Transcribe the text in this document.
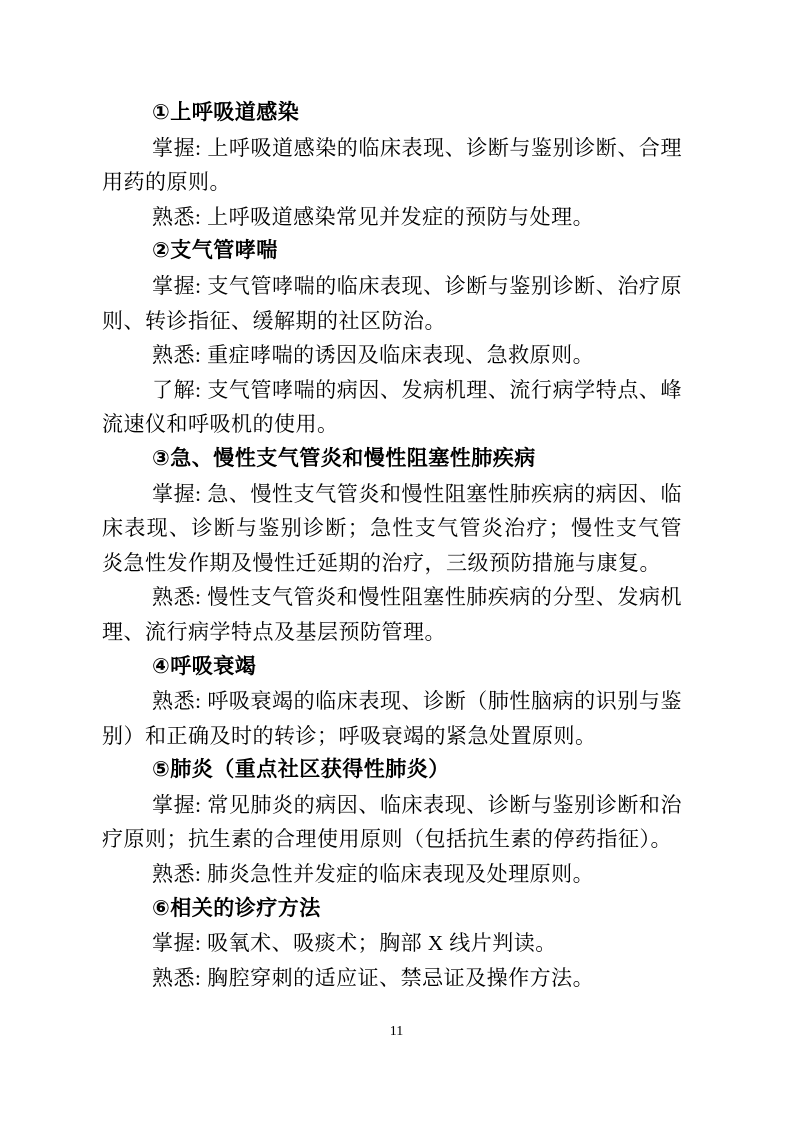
①上呼吸道感染

掌握: 上呼吸道感染的临床表现、诊断与鉴别诊断、合理用药的原则。

熟悉: 上呼吸道感染常见并发症的预防与处理。

②支气管哮喘

掌握: 支气管哮喘的临床表现、诊断与鉴别诊断、治疗原则、转诊指征、缓解期的社区防治。

熟悉: 重症哮喘的诱因及临床表现、急救原则。

了解: 支气管哮喘的病因、发病机理、流行病学特点、峰流速仪和呼吸机的使用。

③急、慢性支气管炎和慢性阻塞性肺疾病

掌握: 急、慢性支气管炎和慢性阻塞性肺疾病的病因、临床表现、诊断与鉴别诊断；急性支气管炎治疗；慢性支气管炎急性发作期及慢性迁延期的治疗，三级预防措施与康复。

熟悉: 慢性支气管炎和慢性阻塞性肺疾病的分型、发病机理、流行病学特点及基层预防管理。

④呼吸衰竭

熟悉: 呼吸衰竭的临床表现、诊断（肺性脑病的识别与鉴别）和正确及时的转诊；呼吸衰竭的紧急处置原则。

⑤肺炎（重点社区获得性肺炎）

掌握: 常见肺炎的病因、临床表现、诊断与鉴别诊断和治疗原则；抗生素的合理使用原则（包括抗生素的停药指征）。

熟悉: 肺炎急性并发症的临床表现及处理原则。

⑥相关的诊疗方法

掌握: 吸氧术、吸痰术；胸部 X 线片判读。

熟悉: 胸腔穿刺的适应证、禁忌证及操作方法。

11
